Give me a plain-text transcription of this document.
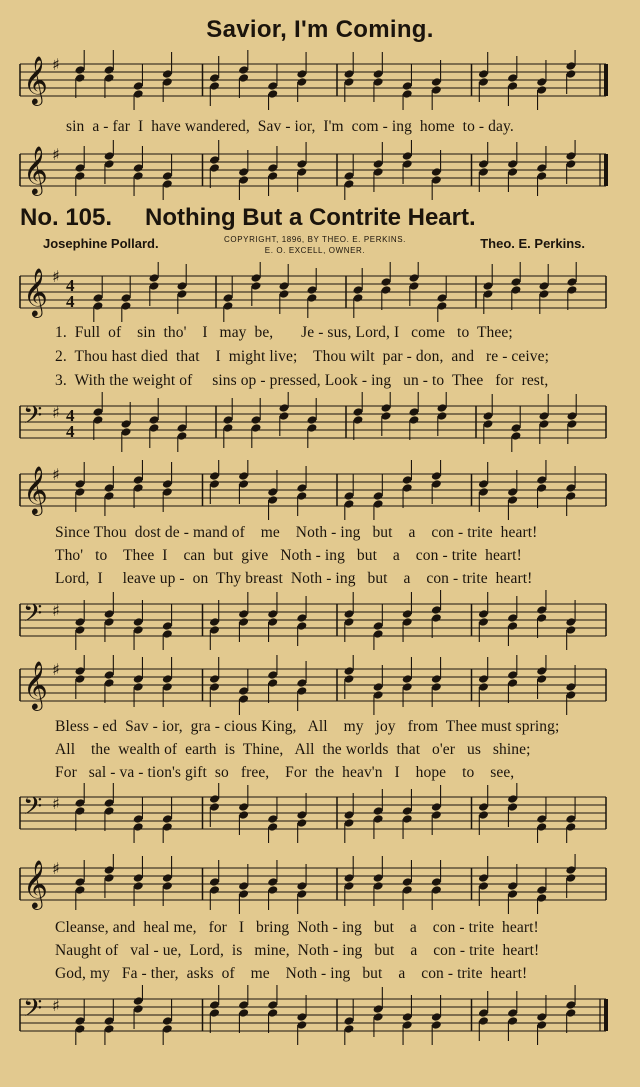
Savior, I'm Coming.
𝄞 ♯
sin  a - far  I  have wandered,  Sav - ior,  I'm  com - ing  home  to - day.
𝄞 ♯
No. 105. Nothing But a Contrite Heart.
Josephine Pollard.	COPYRIGHT, 1896, BY THEO. E. PERKINS.
E. O. EXCELL, OWNER.	Theo. E. Perkins.
𝄞 ♯ 4
4
1.  Full  of    sin  tho'    I   may  be,       Je - sus, Lord, I   come   to  Thee;
2.  Thou hast died  that    I  might live;    Thou wilt  par - don,  and   re - ceive;
3.  With the weight of     sins op - pressed, Look - ing   un - to  Thee   for  rest,
𝄢 ♯ 4
4
𝄞 ♯
Since Thou  dost de - mand of    me    Noth - ing   but    a    con - trite  heart!
Tho'   to    Thee  I    can  but  give   Noth - ing   but    a    con - trite  heart!
Lord,  I     leave up -  on  Thy breast  Noth - ing   but    a    con - trite  heart!
𝄢 ♯
𝄞 ♯
Bless - ed  Sav - ior,  gra - cious King,   All    my   joy   from  Thee must spring;
All    the  wealth of  earth  is  Thine,   All  the worlds  that   o'er   us   shine;
For   sal - va - tion's gift  so   free,    For  the  heav'n   I    hope    to    see,
𝄢 ♯
𝄞 ♯
Cleanse, and  heal me,   for   I   bring  Noth - ing   but    a    con - trite  heart!
Naught of   val - ue,  Lord,  is   mine,  Noth - ing   but    a    con - trite  heart!
God, my   Fa - ther,  asks  of    me    Noth - ing   but    a    con - trite  heart!
𝄢 ♯
